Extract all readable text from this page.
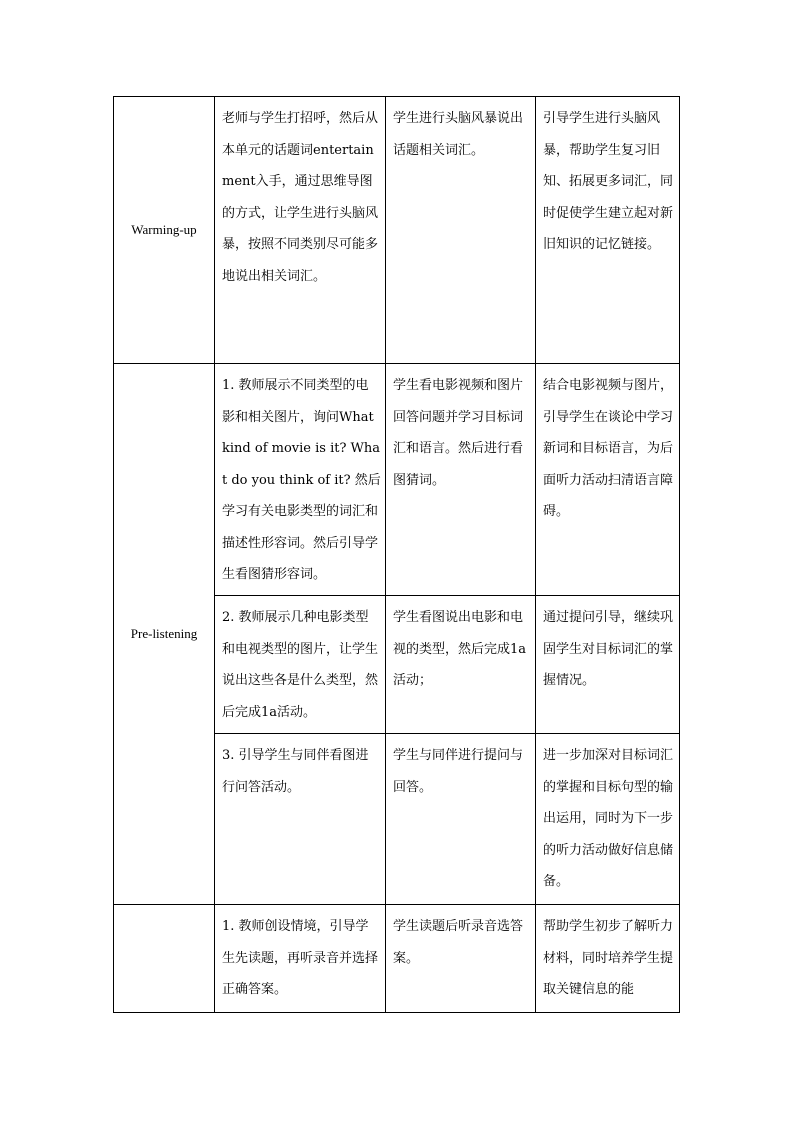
Warming-up	老师与学生打招呼，然后从本单元的话题词entertainment入手，通过思维导图的方式，让学生进行头脑风暴，按照不同类别尽可能多地说出相关词汇。	学生进行头脑风暴说出话题相关词汇。	引导学生进行头脑风暴，帮助学生复习旧知、拓展更多词汇，同时促使学生建立起对新旧知识的记忆链接。

Pre-listening	1. 教师展示不同类型的电影和相关图片，询问What kind of movie is it? What do you think of it? 然后学习有关电影类型的词汇和描述性形容词。然后引导学生看图猜形容词。	学生看电影视频和图片回答问题并学习目标词汇和语言。然后进行看图猜词。	结合电影视频与图片，引导学生在谈论中学习新词和目标语言，为后面听力活动扫清语言障碍。

	2. 教师展示几种电影类型和电视类型的图片，让学生说出这些各是什么类型，然后完成1a活动。	学生看图说出电影和电视的类型，然后完成1a活动；	通过提问引导，继续巩固学生对目标词汇的掌握情况。

	3. 引导学生与同伴看图进行问答活动。	学生与同伴进行提问与回答。	进一步加深对目标词汇的掌握和目标句型的输出运用，同时为下一步的听力活动做好信息储备。

	1. 教师创设情境，引导学生先读题，再听录音并选择正确答案。	学生读题后听录音选答案。	帮助学生初步了解听力材料，同时培养学生提取关键信息的能
